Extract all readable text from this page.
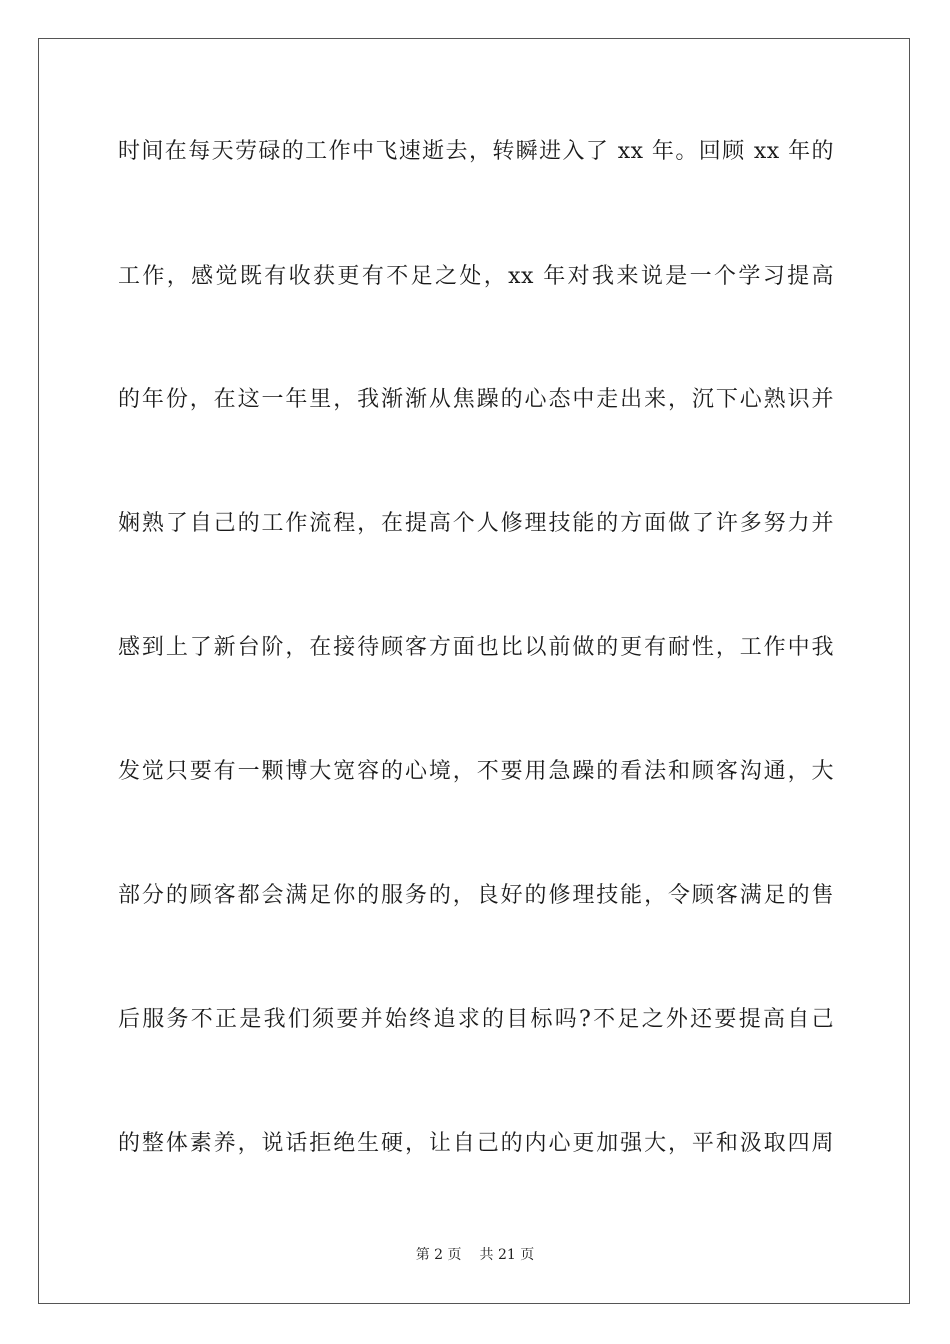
时间在每天劳碌的工作中飞速逝去，转瞬进入了 xx 年。回顾 xx 年的
工作，感觉既有收获更有不足之处，xx 年对我来说是一个学习提高
的年份，在这一年里，我渐渐从焦躁的心态中走出来，沉下心熟识并
娴熟了自己的工作流程，在提高个人修理技能的方面做了许多努力并
感到上了新台阶，在接待顾客方面也比以前做的更有耐性，工作中我
发觉只要有一颗博大宽容的心境，不要用急躁的看法和顾客沟通，大
部分的顾客都会满足你的服务的，良好的修理技能，令顾客满足的售
后服务不正是我们须要并始终追求的目标吗?不足之外还要提高自己
的整体素养，说话拒绝生硬，让自己的内心更加强大，平和汲取四周
第 2 页 共 21 页
